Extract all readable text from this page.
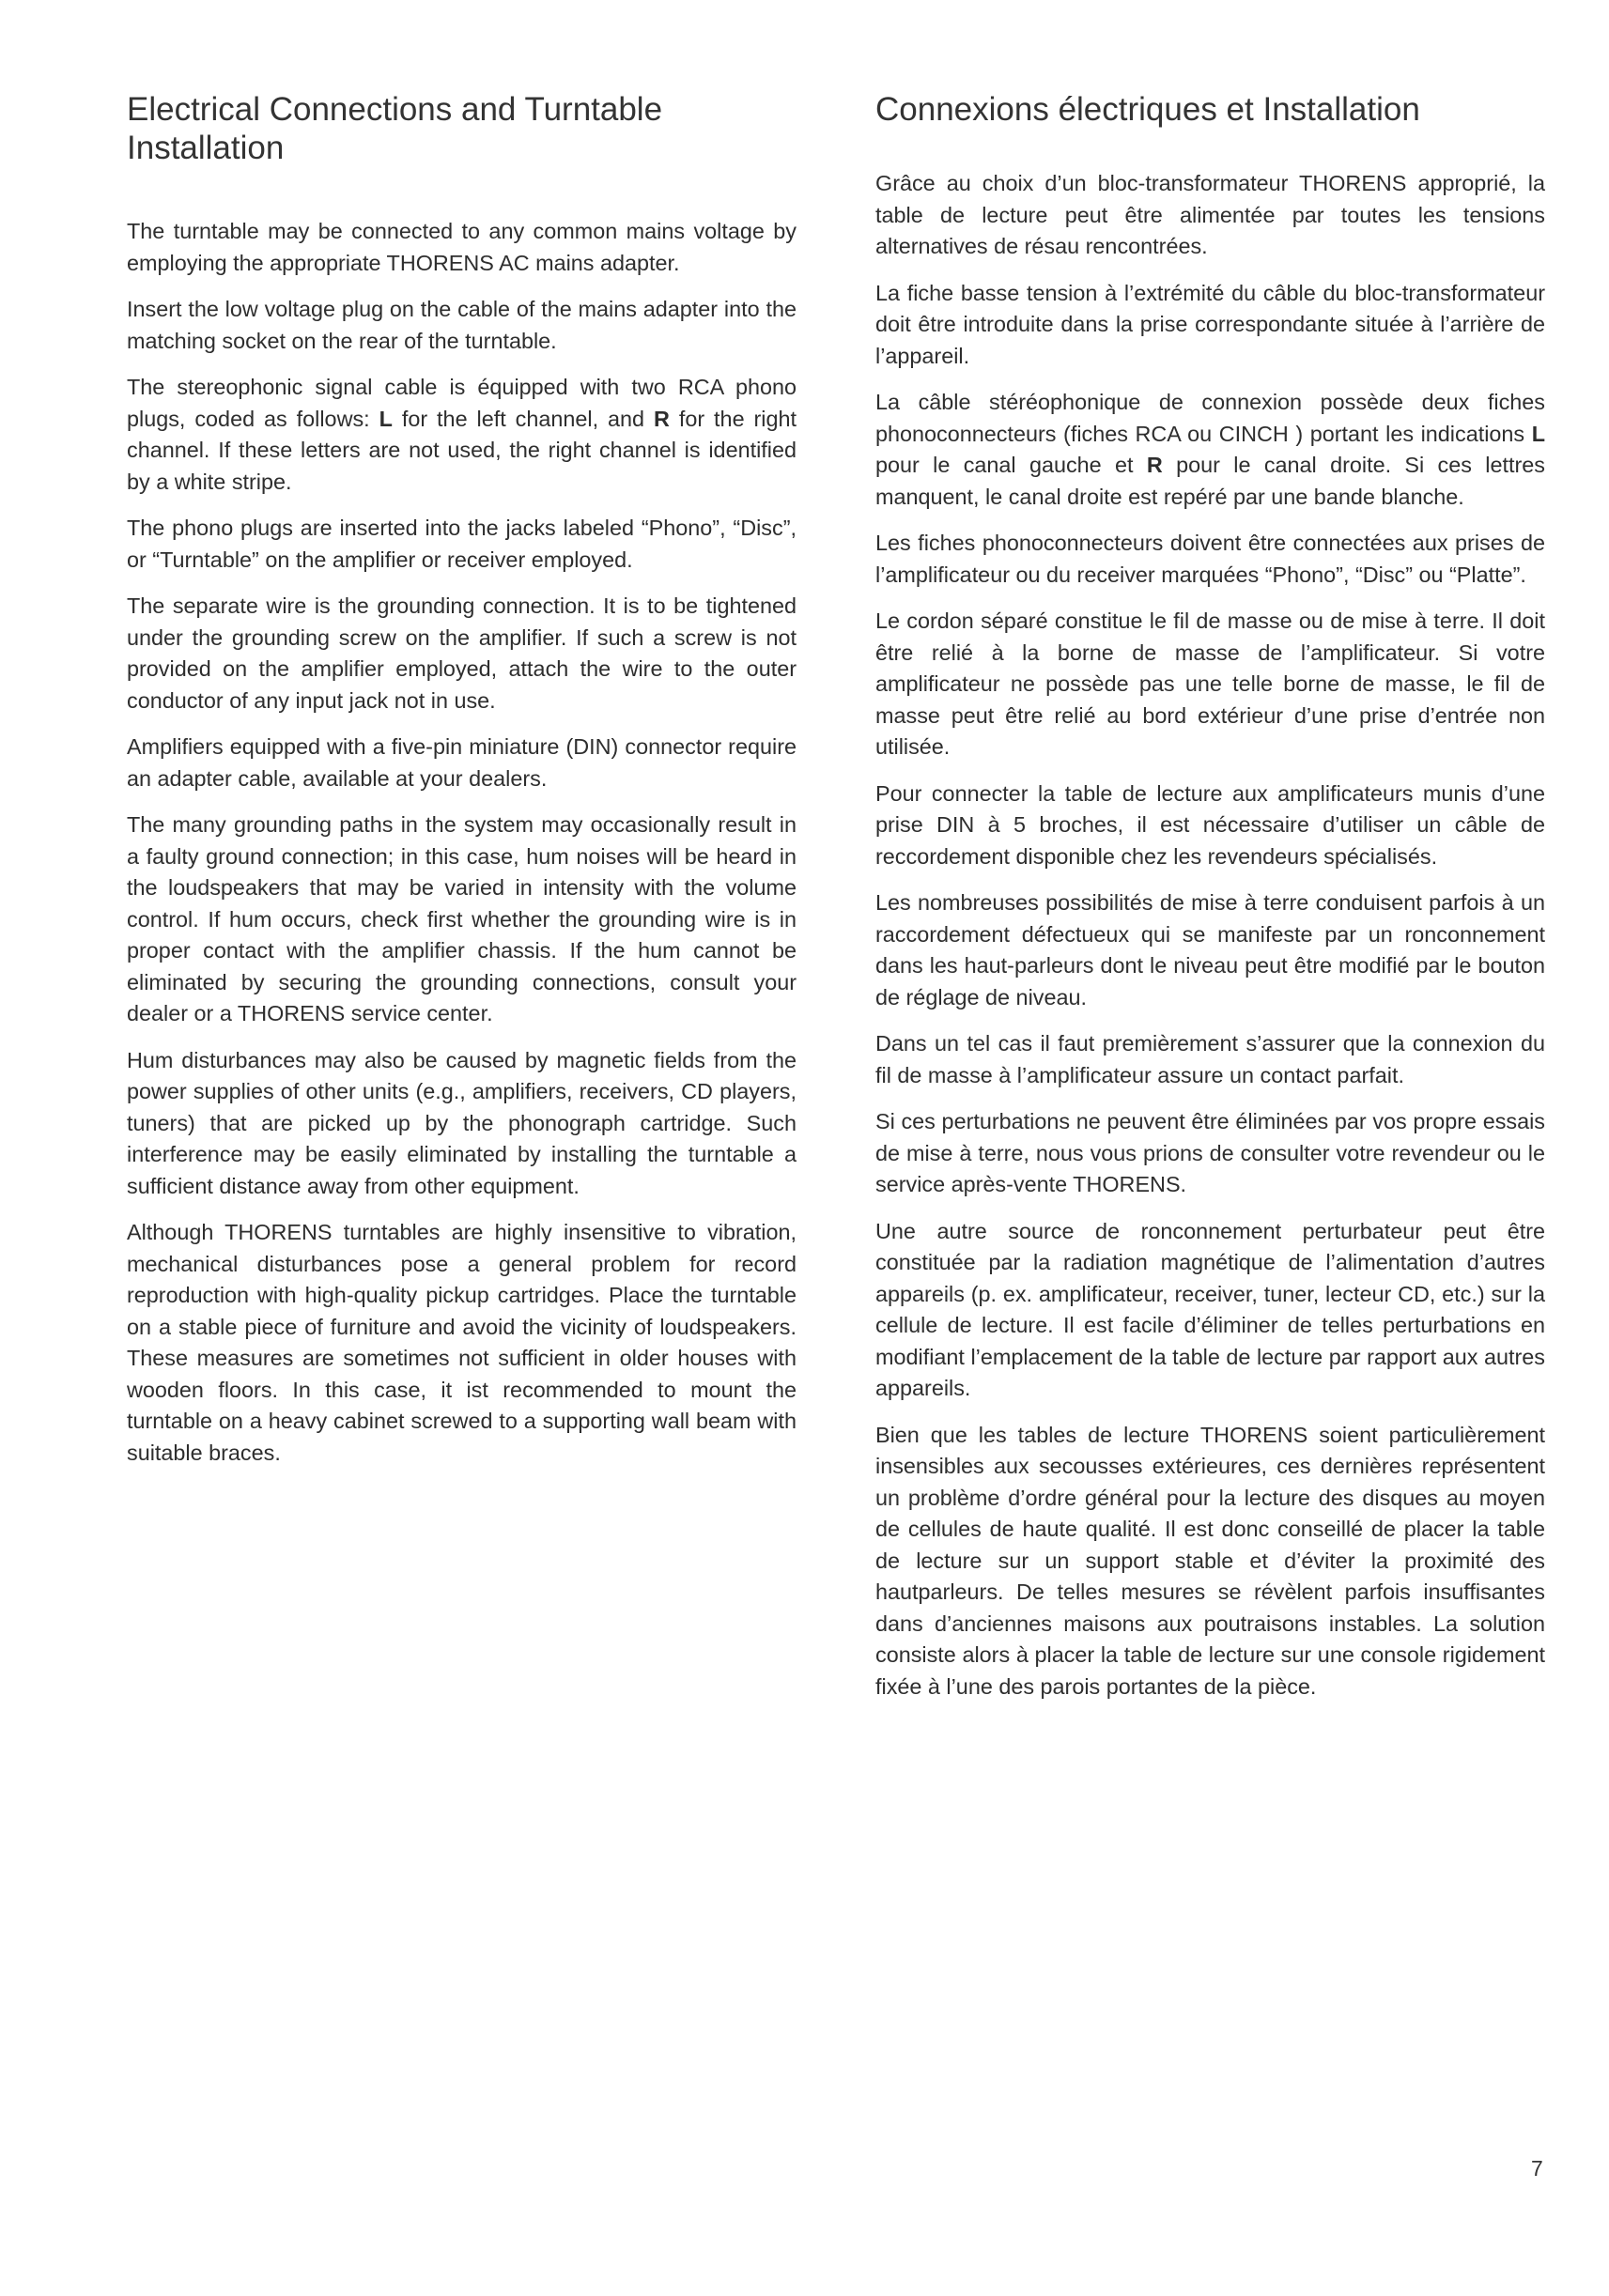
Electrical Connections and Turntable Installation

The turntable may be connected to any common mains voltage by employing the appropriate THORENS AC mains adapter.

Insert the low voltage plug on the cable of the mains adapter into the matching socket on the rear of the turntable.

The stereophonic signal cable is équipped with two RCA phono plugs, coded as follows: L for the left channel, and R for the right channel. If these letters are not used, the right channel is identified by a white stripe.

The phono plugs are inserted into the jacks labeled “Phono”, “Disc”, or “Turntable” on the amplifier or receiver employed.

The separate wire is the grounding connection. It is to be tightened under the grounding screw on the amplifier. If such a screw is not provided on the amplifier employed, attach the wire to the outer conductor of any input jack not in use.

Amplifiers equipped with a five-pin miniature (DIN) connector require an adapter cable, available at your dealers.

The many grounding paths in the system may occasionally result in a faulty ground connection; in this case, hum noises will be heard in the loudspeakers that may be varied in intensity with the volume control. If hum occurs, check first whether the grounding wire is in proper contact with the amplifier chassis. If the hum cannot be eliminated by securing the grounding connections, consult your dealer or a THORENS service center.

Hum disturbances may also be caused by magnetic fields from the power supplies of other units (e.g., amplifiers, receivers, CD players, tuners) that are picked up by the phonograph cartridge. Such interference may be easily eliminated by installing the turntable a sufficient distance away from other equipment.

Although THORENS turntables are highly insensitive to vibration, mechanical disturbances pose a general problem for record reproduction with high-quality pickup cartridges. Place the turntable on a stable piece of furniture and avoid the vicinity of loudspeakers. These measures are sometimes not sufficient in older houses with wooden floors. In this case, it ist recommended to mount the turntable on a heavy cabinet screwed to a supporting wall beam with suitable braces.

Connexions électriques et Installation

Grâce au choix d’un bloc-transformateur THORENS approprié, la table de lecture peut être alimentée par toutes les tensions alternatives de résau rencontrées.

La fiche basse tension à l’extrémité du câble du bloc-transformateur doit être introduite dans la prise correspondante située à l’arrière de l’appareil.

La câble stéréophonique de connexion possède deux fiches phonoconnecteurs (fiches RCA ou CINCH ) portant les indications L pour le canal gauche et R pour le canal droite. Si ces lettres manquent, le canal droite est repéré par une bande blanche.

Les fiches phonoconnecteurs doivent être connectées aux prises de l’amplificateur ou du receiver marquées “Phono”, “Disc” ou “Platte”.

Le cordon séparé constitue le fil de masse ou de mise à terre. Il doit être relié à la borne de masse de l’amplificateur. Si votre amplificateur ne possède pas une telle borne de masse, le fil de masse peut être relié au bord extérieur d’une prise d’entrée non utilisée.

Pour connecter la table de lecture aux amplificateurs munis d’une prise DIN à 5 broches, il est nécessaire d’utiliser un câble de reccordement disponible chez les revendeurs spécialisés.

Les nombreuses possibilités de mise à terre conduisent parfois à un raccordement défectueux qui se manifeste par un ronconnement dans les haut-parleurs dont le niveau peut être modifié par le bouton de réglage de niveau.

Dans un tel cas il faut premièrement s’assurer que la connexion du fil de masse à l’amplificateur assure un contact parfait.

Si ces perturbations ne peuvent être éliminées par vos propre essais de mise à terre, nous vous prions de consulter votre revendeur ou le service après-vente THORENS.

Une autre source de ronconnement perturbateur peut être constituée par la radiation magnétique de l’alimentation d’autres appareils (p. ex. amplificateur, receiver, tuner, lecteur CD, etc.) sur la cellule de lecture. Il est facile d’éliminer de telles perturbations en modifiant l’emplacement de la table de lecture par rapport aux autres appareils.

Bien que les tables de lecture THORENS soient particulièrement insensibles aux secousses extérieures, ces dernières représentent un problème d’ordre général pour la lecture des disques au moyen de cellules de haute qualité. Il est donc conseillé de placer la table de lecture sur un support stable et d’éviter la proximité des hautparleurs. De telles mesures se révèlent parfois insuffisantes dans d’anciennes maisons aux poutraisons instables. La solution consiste alors à placer la table de lecture sur une console rigidement fixée à l’une des parois portantes de la pièce.

7
